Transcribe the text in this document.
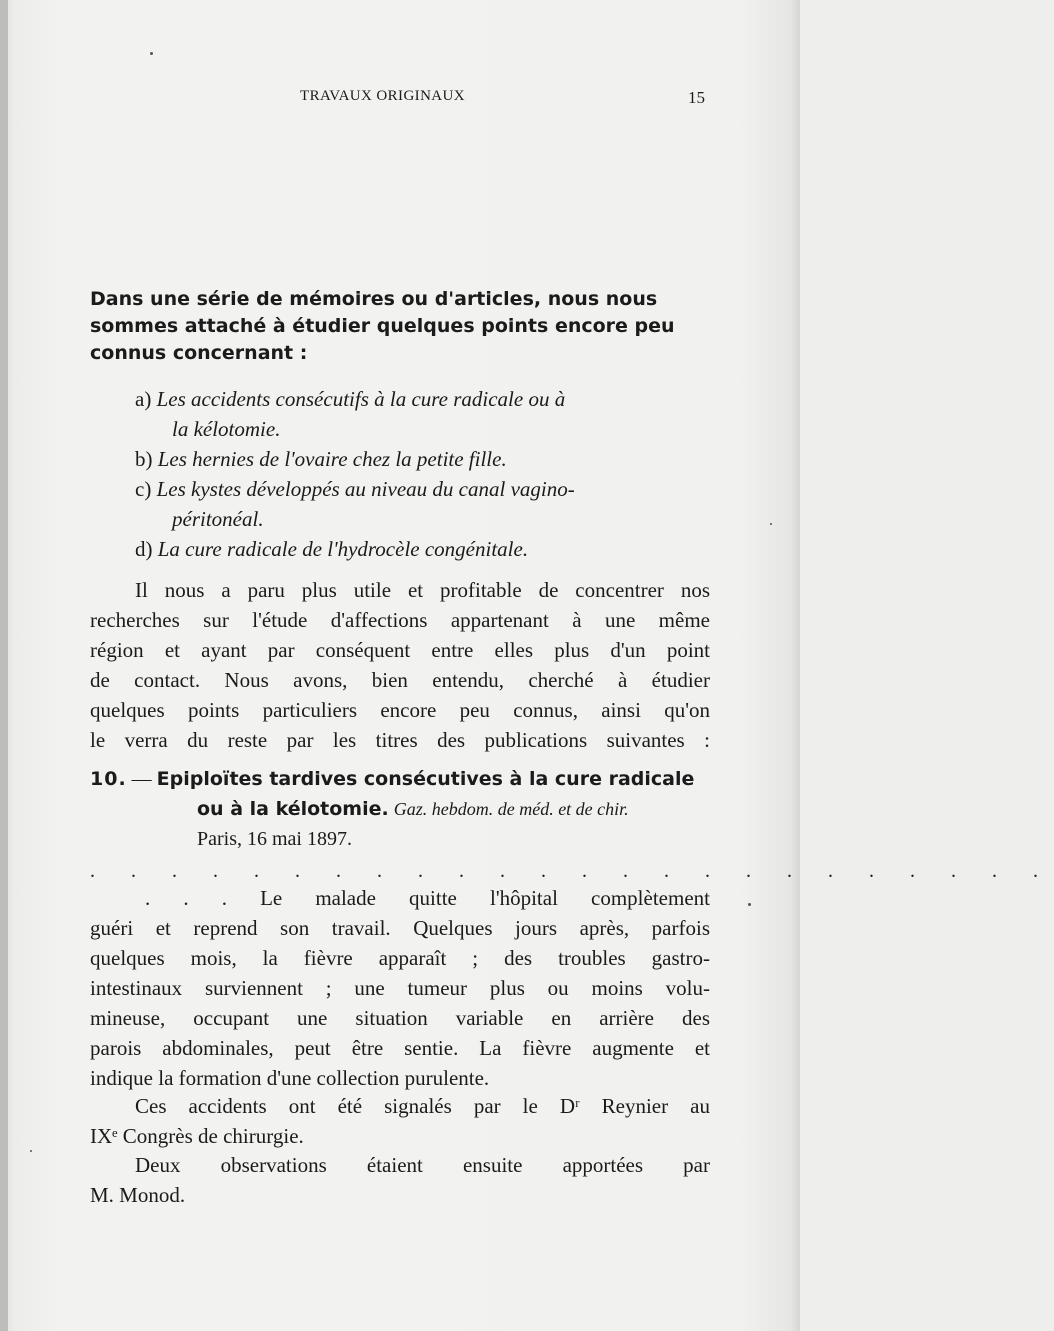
TRAVAUX ORIGINAUX	15
Dans une série de mémoires ou d'articles, nous nous
sommes attaché à étudier quelques points encore peu
connus concernant :
a) Les accidents consécutifs à la cure radicale ou à
la kélotomie.
b) Les hernies de l'ovaire chez la petite fille.
c) Les kystes développés au niveau du canal vagino-
péritonéal.
d) La cure radicale de l'hydrocèle congénitale.
Il nous a paru plus utile et profitable de concentrer nos
recherches sur l'étude d'affections appartenant à une même
région et ayant par conséquent entre elles plus d'un point
de contact. Nous avons, bien entendu, cherché à étudier
quelques points particuliers encore peu connus, ainsi qu'on
le verra du reste par les titres des publications suivantes :
10. — Epiploïtes tardives consécutives à la cure radicale
ou à la kélotomie. Gaz. hebdom. de méd. et de chir.
Paris, 16 mai 1897.
. . . . . . . . . . . . . . . . . . . . . . . .
. . . Le malade quitte l'hôpital complètement
guéri et reprend son travail. Quelques jours après, parfois
quelques mois, la fièvre apparaît ; des troubles gastro-
intestinaux surviennent ; une tumeur plus ou moins volu-
mineuse, occupant une situation variable en arrière des
parois abdominales, peut être sentie. La fièvre augmente et
indique la formation d'une collection purulente.
Ces accidents ont été signalés par le Dʳ Reynier au
IXᵉ Congrès de chirurgie.
Deux observations étaient ensuite apportées par
M. Monod.
